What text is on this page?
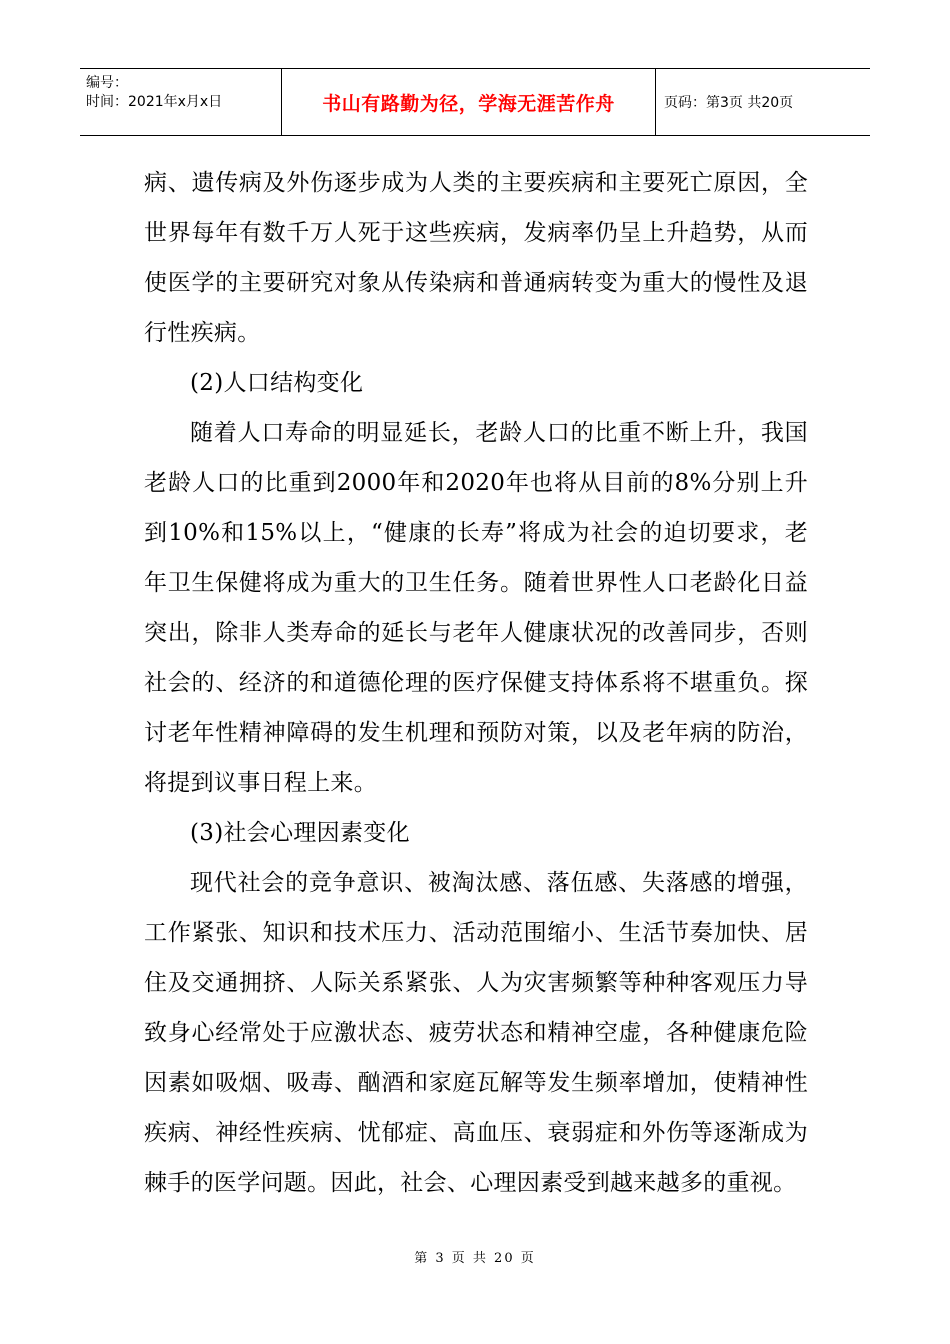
编号：
时间：2021年x月x日	书山有路勤为径，学海无涯苦作舟	页码：第3页 共20页

病、遗传病及外伤逐步成为人类的主要疾病和主要死亡原因，全世界每年有数千万人死于这些疾病，发病率仍呈上升趋势，从而使医学的主要研究对象从传染病和普通病转变为重大的慢性及退行性疾病。

(2)人口结构变化

随着人口寿命的明显延长，老龄人口的比重不断上升，我国老龄人口的比重到2000年和2020年也将从目前的8%分别上升到10%和15%以上，“健康的长寿”将成为社会的迫切要求，老年卫生保健将成为重大的卫生任务。随着世界性人口老龄化日益突出，除非人类寿命的延长与老年人健康状况的改善同步，否则社会的、经济的和道德伦理的医疗保健支持体系将不堪重负。探讨老年性精神障碍的发生机理和预防对策，以及老年病的防治，将提到议事日程上来。

(3)社会心理因素变化

现代社会的竞争意识、被淘汰感、落伍感、失落感的增强，工作紧张、知识和技术压力、活动范围缩小、生活节奏加快、居住及交通拥挤、人际关系紧张、人为灾害频繁等种种客观压力导致身心经常处于应激状态、疲劳状态和精神空虚，各种健康危险因素如吸烟、吸毒、酗酒和家庭瓦解等发生频率增加，使精神性疾病、神经性疾病、忧郁症、高血压、衰弱症和外伤等逐渐成为棘手的医学问题。因此，社会、心理因素受到越来越多的重视。

第 3 页 共 20 页
